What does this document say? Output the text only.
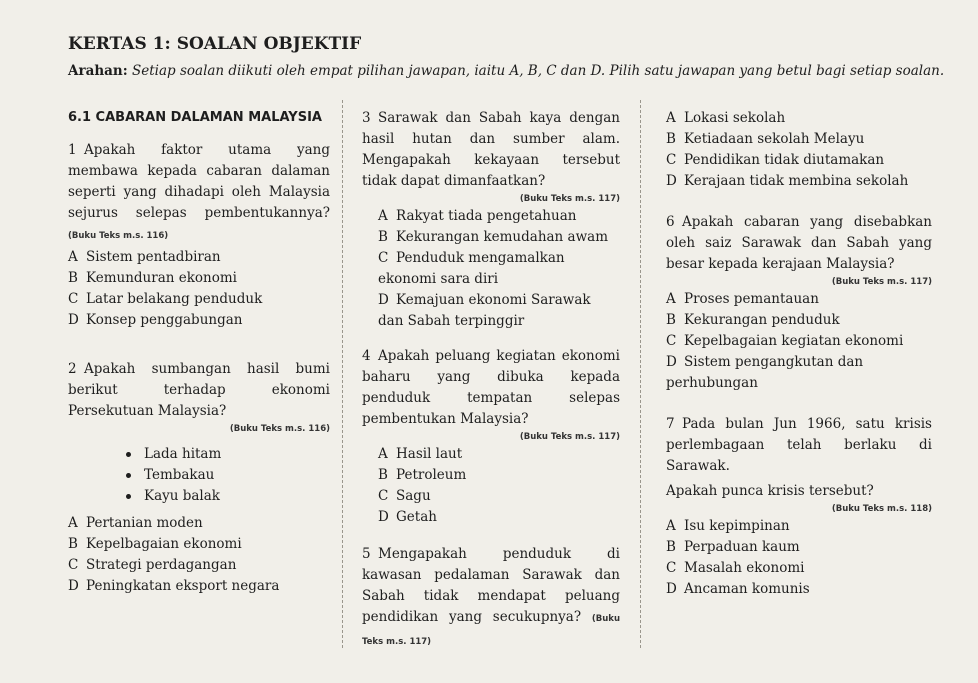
KERTAS 1: SOALAN OBJEKTIF
Arahan: Setiap soalan diikuti oleh empat pilihan jawapan, iaitu A, B, C dan D. Pilih satu jawapan yang betul bagi setiap soalan.
6.1 CABARAN DALAMAN MALAYSIA
1 Apakah faktor utama yang membawa kepada cabaran dalaman seperti yang dihadapi oleh Malaysia sejurus selepas pembentukannya? (Buku Teks m.s. 116)
A Sistem pentadbiran
B Kemunduran ekonomi
C Latar belakang penduduk
D Konsep penggabungan
2 Apakah sumbangan hasil bumi berikut terhadap ekonomi Persekutuan Malaysia?
(Buku Teks m.s. 116)
Lada hitam
Tembakau
Kayu balak
A Pertanian moden
B Kepelbagaian ekonomi
C Strategi perdagangan
D Peningkatan eksport negara
3 Sarawak dan Sabah kaya dengan hasil hutan dan sumber alam. Mengapakah kekayaan tersebut tidak dapat dimanfaatkan?
(Buku Teks m.s. 117)
A Rakyat tiada pengetahuan
B Kekurangan kemudahan awam
C Penduduk mengamalkan ekonomi sara diri
D Kemajuan ekonomi Sarawak dan Sabah terpinggir
4 Apakah peluang kegiatan ekonomi baharu yang dibuka kepada penduduk tempatan selepas pembentukan Malaysia?
(Buku Teks m.s. 117)
A Hasil laut
B Petroleum
C Sagu
D Getah
5 Mengapakah penduduk di kawasan pedalaman Sarawak dan Sabah tidak mendapat peluang pendidikan yang secukupnya? (Buku Teks m.s. 117)
A Lokasi sekolah
B Ketiadaan sekolah Melayu
C Pendidikan tidak diutamakan
D Kerajaan tidak membina sekolah
6 Apakah cabaran yang disebabkan oleh saiz Sarawak dan Sabah yang besar kepada kerajaan Malaysia?
(Buku Teks m.s. 117)
A Proses pemantauan
B Kekurangan penduduk
C Kepelbagaian kegiatan ekonomi
D Sistem pengangkutan dan perhubungan
7 Pada bulan Jun 1966, satu krisis perlembagaan telah berlaku di Sarawak.
Apakah punca krisis tersebut?
(Buku Teks m.s. 118)
A Isu kepimpinan
B Perpaduan kaum
C Masalah ekonomi
D Ancaman komunis
